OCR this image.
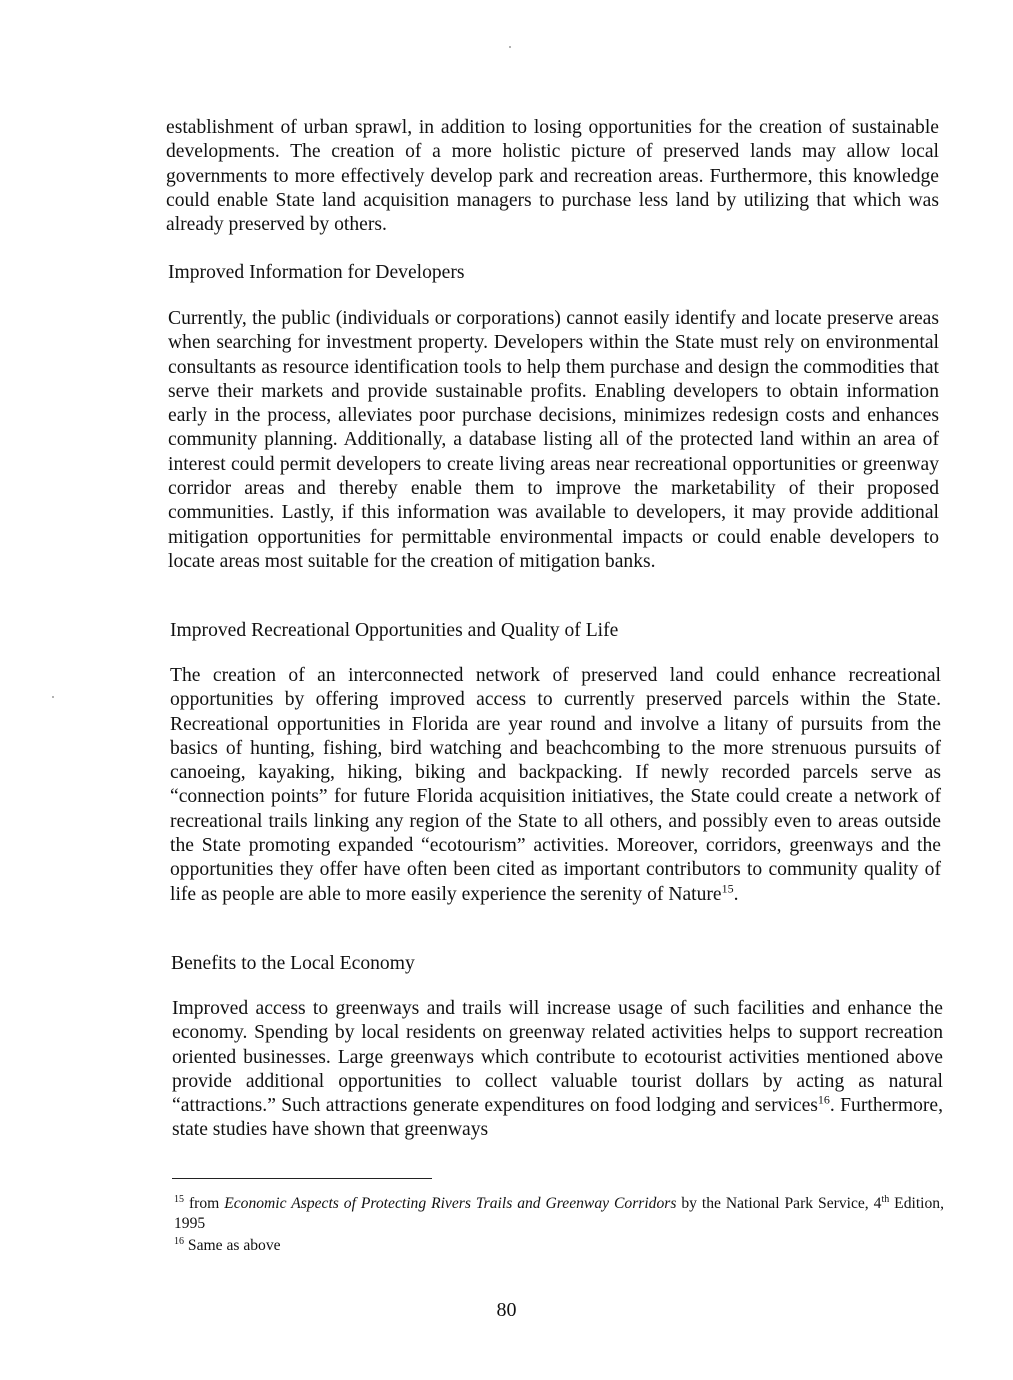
establishment of urban sprawl, in addition to losing opportunities for the creation of sustainable developments. The creation of a more holistic picture of preserved lands may allow local governments to more effectively develop park and recreation areas. Furthermore, this knowledge could enable State land acquisition managers to purchase less land by utilizing that which was already preserved by others.

Improved Information for Developers

Currently, the public (individuals or corporations) cannot easily identify and locate preserve areas when searching for investment property. Developers within the State must rely on environmental consultants as resource identification tools to help them purchase and design the commodities that serve their markets and provide sustainable profits. Enabling developers to obtain information early in the process, alleviates poor purchase decisions, minimizes redesign costs and enhances community planning. Additionally, a database listing all of the protected land within an area of interest could permit developers to create living areas near recreational opportunities or greenway corridor areas and thereby enable them to improve the marketability of their proposed communities. Lastly, if this information was available to developers, it may provide additional mitigation opportunities for permittable environmental impacts or could enable developers to locate areas most suitable for the creation of mitigation banks.

Improved Recreational Opportunities and Quality of Life

The creation of an interconnected network of preserved land could enhance recreational opportunities by offering improved access to currently preserved parcels within the State. Recreational opportunities in Florida are year round and involve a litany of pursuits from the basics of hunting, fishing, bird watching and beachcombing to the more strenuous pursuits of canoeing, kayaking, hiking, biking and backpacking. If newly recorded parcels serve as “connection points” for future Florida acquisition initiatives, the State could create a network of recreational trails linking any region of the State to all others, and possibly even to areas outside the State promoting expanded “ecotourism” activities. Moreover, corridors, greenways and the opportunities they offer have often been cited as important contributors to community quality of life as people are able to more easily experience the serenity of Nature$^{15}$.

Benefits to the Local Economy

Improved access to greenways and trails will increase usage of such facilities and enhance the economy. Spending by local residents on greenway related activities helps to support recreation oriented businesses. Large greenways which contribute to ecotourist activities mentioned above provide additional opportunities to collect valuable tourist dollars by acting as natural “attractions.” Such attractions generate expenditures on food lodging and services$^{16}$. Furthermore, state studies have shown that greenways

$^{15}$ from Economic Aspects of Protecting Rivers Trails and Greenway Corridors by the National Park Service, 4th Edition, 1995

$^{16}$ Same as above

80
